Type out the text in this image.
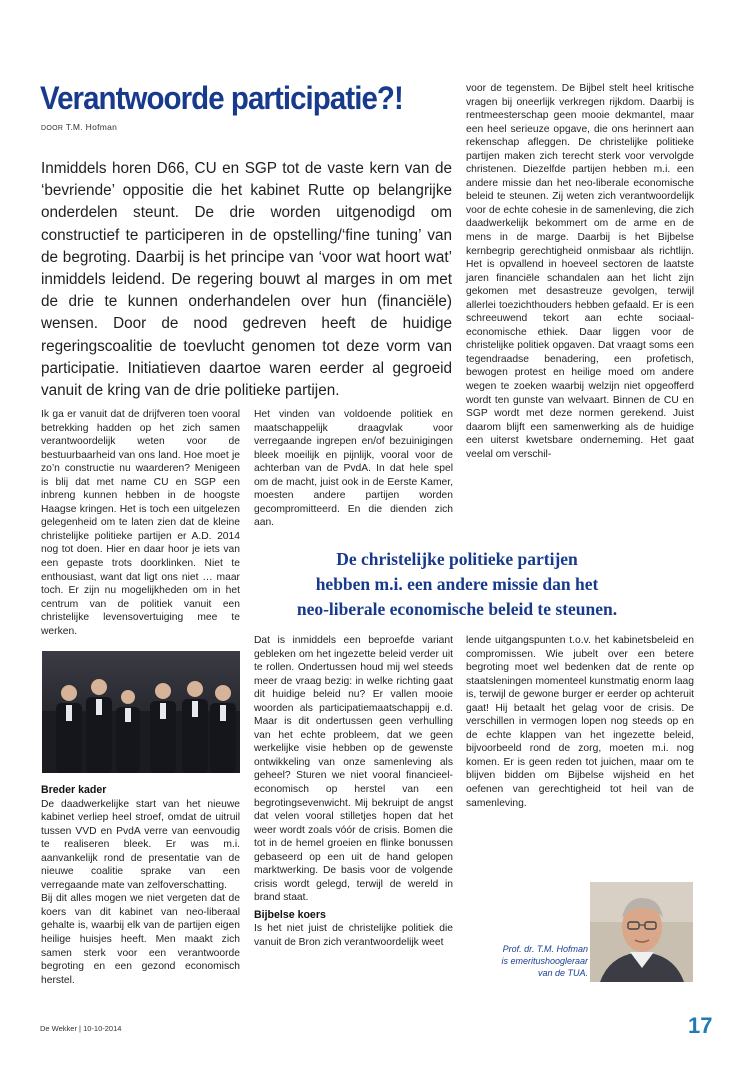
Verantwoorde participatie?!
DOOR T.M. Hofman
Inmiddels horen D66, CU en SGP tot de vaste kern van de ‘bevriende’ oppositie die het kabinet Rutte op belangrijke onderdelen steunt. De drie worden uitgenodigd om constructief te participeren in de opstelling/‘fine tuning’ van de begroting. Daarbij is het principe van ‘voor wat hoort wat’ inmiddels leidend. De regering bouwt al marges in om met de drie te kunnen onderhandelen over hun (financiële) wensen. Door de nood gedreven heeft de huidige regeringscoalitie de toevlucht genomen tot deze vorm van participatie. Initiatieven daartoe waren eerder al gegroeid vanuit de kring van de drie politieke partijen.

voor de tegenstem. De Bijbel stelt heel kritische vragen bij oneerlijk verkregen rijkdom. Daarbij is rentmeesterschap geen mooie dekmantel, maar een heel serieuze opgave, die ons herinnert aan rekenschap afleggen. De christelijke politieke partijen maken zich terecht sterk voor vervolgde christenen. Diezelfde partijen hebben m.i. een andere missie dan het neo-liberale economische beleid te steunen. Zij weten zich verantwoordelijk voor de echte cohesie in de samenleving, die zich daadwerkelijk bekommert om de arme en de mens in de marge. Daarbij is het Bijbelse kernbegrip gerechtigheid onmisbaar als richtlijn. Het is opvallend in hoeveel sectoren de laatste jaren financiële schandalen aan het licht zijn gekomen met desastreuze gevolgen, terwijl allerlei toezichthouders hebben gefaald. Er is een schreeuwend tekort aan echte sociaal-economische ethiek. Daar liggen voor de christelijke politiek opgaven. Dat vraagt soms een tegendraadse benadering, een profetisch, bewogen protest en heilige moed om andere wegen te zoeken waarbij welzijn niet opgeofferd wordt ten gunste van welvaart. Binnen de CU en SGP wordt met deze normen gerekend. Juist daarom blijft een samenwerking als de huidige een uiterst kwetsbare onderneming. Het gaat veelal om verschil-

Ik ga er vanuit dat de drijfveren toen vooral betrekking hadden op het zich samen verantwoordelijk weten voor de bestuurbaarheid van ons land. Hoe moet je zo’n constructie nu waarderen? Menigeen is blij dat met name CU en SGP een inbreng kunnen hebben in de hoogste Haagse kringen. Het is toch een uitgelezen gelegenheid om te laten zien dat de kleine christelijke politieke partijen er A.D. 2014 nog tot doen. Hier en daar hoor je iets van een gepaste trots doorklinken. Niet te enthousiast, want dat ligt ons niet … maar toch. Er zijn nu mogelijkheden om in het centrum van de politiek vanuit een christelijke levensovertuiging mee te werken.

Breder kader

De daadwerkelijke start van het nieuwe kabinet verliep heel stroef, omdat de uitruil tussen VVD en PvdA verre van eenvoudig te realiseren bleek. Er was m.i. aanvankelijk rond de presentatie van de nieuwe coalitie sprake van een verregaande mate van zelfoverschatting.

Bij dit alles mogen we niet vergeten dat de koers van dit kabinet van neo-liberaal gehalte is, waarbij elk van de partijen eigen heilige huisjes heeft. Men maakt zich samen sterk voor een verantwoorde begroting en een gezond economisch herstel.

Het vinden van voldoende politiek en maatschappelijk draagvlak voor verregaande ingrepen en/of bezuinigingen bleek moeilijk en pijnlijk, vooral voor de achterban van de PvdA. In dat hele spel om de macht, juist ook in de Eerste Kamer, moesten andere partijen worden gecompromitteerd. En die dienden zich aan.

De christelijke politieke partijen
hebben m.i. een andere missie dan het
neo-liberale economische beleid te steunen.

Dat is inmiddels een beproefde variant gebleken om het ingezette beleid verder uit te rollen. Ondertussen houd mij wel steeds meer de vraag bezig: in welke richting gaat dit huidige beleid nu? Er vallen mooie woorden als participatiemaatschappij e.d. Maar is dit ondertussen geen verhulling van het echte probleem, dat we geen werkelijke visie hebben op de gewenste ontwikkeling van onze samenleving als geheel? Sturen we niet vooral financieel-economisch op herstel van een begrotingsevenwicht. Mij bekruipt de angst dat velen vooral stilletjes hopen dat het weer wordt zoals vóór de crisis. Bomen die tot in de hemel groeien en flinke bonussen gebaseerd op een uit de hand gelopen marktwerking. De basis voor de volgende crisis wordt gelegd, terwijl de wereld in brand staat.

Bijbelse koers

Is het niet juist de christelijke politiek die vanuit de Bron zich verantwoordelijk weet

lende uitgangspunten t.o.v. het kabinetsbeleid en compromissen. Wie jubelt over een betere begroting moet wel bedenken dat de rente op staatsleningen momenteel kunstmatig enorm laag is, terwijl de gewone burger er eerder op achteruit gaat! Hij betaalt het gelag voor de crisis. De verschillen in vermogen lopen nog steeds op en de echte klappen van het ingezette beleid, bijvoorbeeld rond de zorg, moeten m.i. nog komen. Er is geen reden tot juichen, maar om te blijven bidden om Bijbelse wijsheid en het oefenen van gerechtigheid tot heil van de samenleving.

Prof. dr. T.M. Hofman
is emeritushoogleraar
van de TUA.
De Wekker | 10-10-2014	17
